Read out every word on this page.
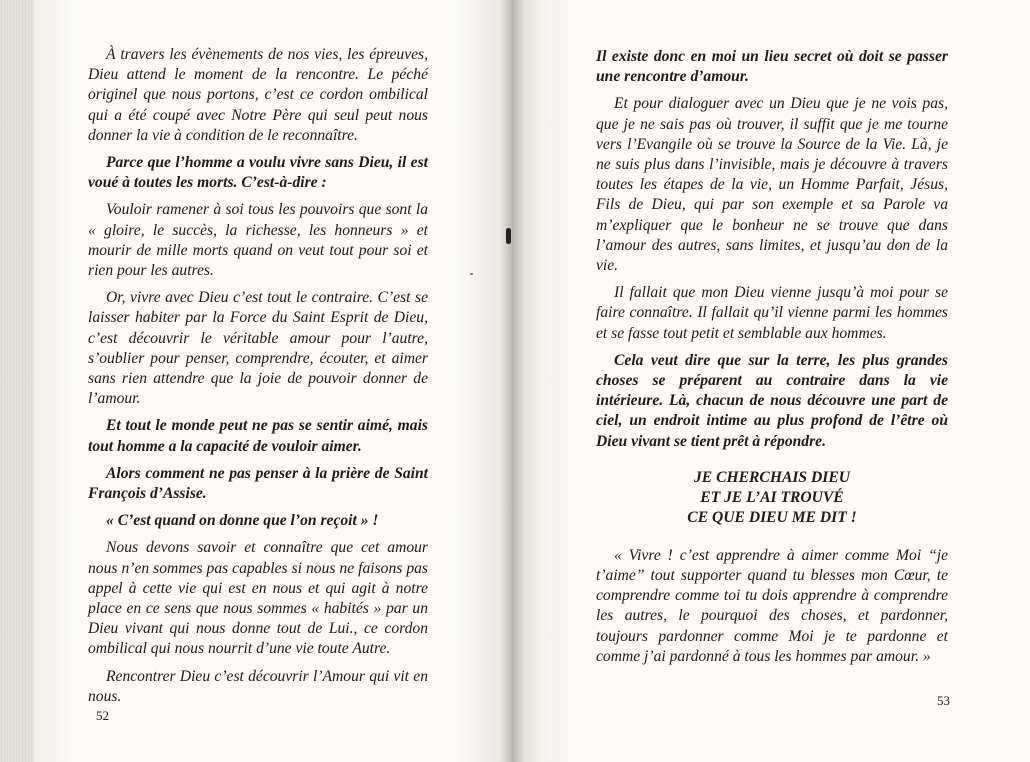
À travers les évènements de nos vies, les épreuves, Dieu attend le moment de la rencontre. Le péché originel que nous portons, c’est ce cordon ombilical qui a été coupé avec Notre Père qui seul peut nous donner la vie à condition de le reconnaître.

Parce que l’homme a voulu vivre sans Dieu, il est voué à toutes les morts. C’est-à-dire :

Vouloir ramener à soi tous les pouvoirs que sont la « gloire, le succès, la richesse, les honneurs » et mourir de mille morts quand on veut tout pour soi et rien pour les autres.

Or, vivre avec Dieu c’est tout le contraire. C’est se laisser habiter par la Force du Saint Esprit de Dieu, c’est découvrir le véritable amour pour l’autre, s’oublier pour penser, comprendre, écouter, et aimer sans rien attendre que la joie de pouvoir donner de l’amour.

Et tout le monde peut ne pas se sentir aimé, mais tout homme a la capacité de vouloir aimer.

Alors comment ne pas penser à la prière de Saint François d’Assise.

« C’est quand on donne que l’on reçoit » !

Nous devons savoir et connaître que cet amour nous n’en sommes pas capables si nous ne faisons pas appel à cette vie qui est en nous et qui agit à notre place en ce sens que nous sommes « habités » par un Dieu vivant qui nous donne tout de Lui., ce cordon ombilical qui nous nourrit d’une vie toute Autre.

Rencontrer Dieu c’est découvrir l’Amour qui vit en nous.

52

Il existe donc en moi un lieu secret où doit se passer une rencontre d’amour.

Et pour dialoguer avec un Dieu que je ne vois pas, que je ne sais pas où trouver, il suffit que je me tourne vers l’Evangile où se trouve la Source de la Vie. Là, je ne suis plus dans l’invisible, mais je découvre à travers toutes les étapes de la vie, un Homme Parfait, Jésus, Fils de Dieu, qui par son exemple et sa Parole va m’expliquer que le bonheur ne se trouve que dans l’amour des autres, sans limites, et jusqu’au don de la vie.

Il fallait que mon Dieu vienne jusqu’à moi pour se faire connaître. Il fallait qu’il vienne parmi les hommes et se fasse tout petit et semblable aux hommes.

Cela veut dire que sur la terre, les plus grandes choses se préparent au contraire dans la vie intérieure. Là, chacun de nous découvre une part de ciel, un endroit intime au plus profond de l’être où Dieu vivant se tient prêt à répondre.

JE CHERCHAIS DIEU
ET JE L’AI TROUVÉ
CE QUE DIEU ME DIT !

« Vivre ! c’est apprendre à aimer comme Moi “je t’aime” tout supporter quand tu blesses mon Cœur, te comprendre comme toi tu dois apprendre à comprendre les autres, le pourquoi des choses, et pardonner, toujours pardonner comme Moi je te pardonne et comme j’ai pardonné à tous les hommes par amour. »

53
